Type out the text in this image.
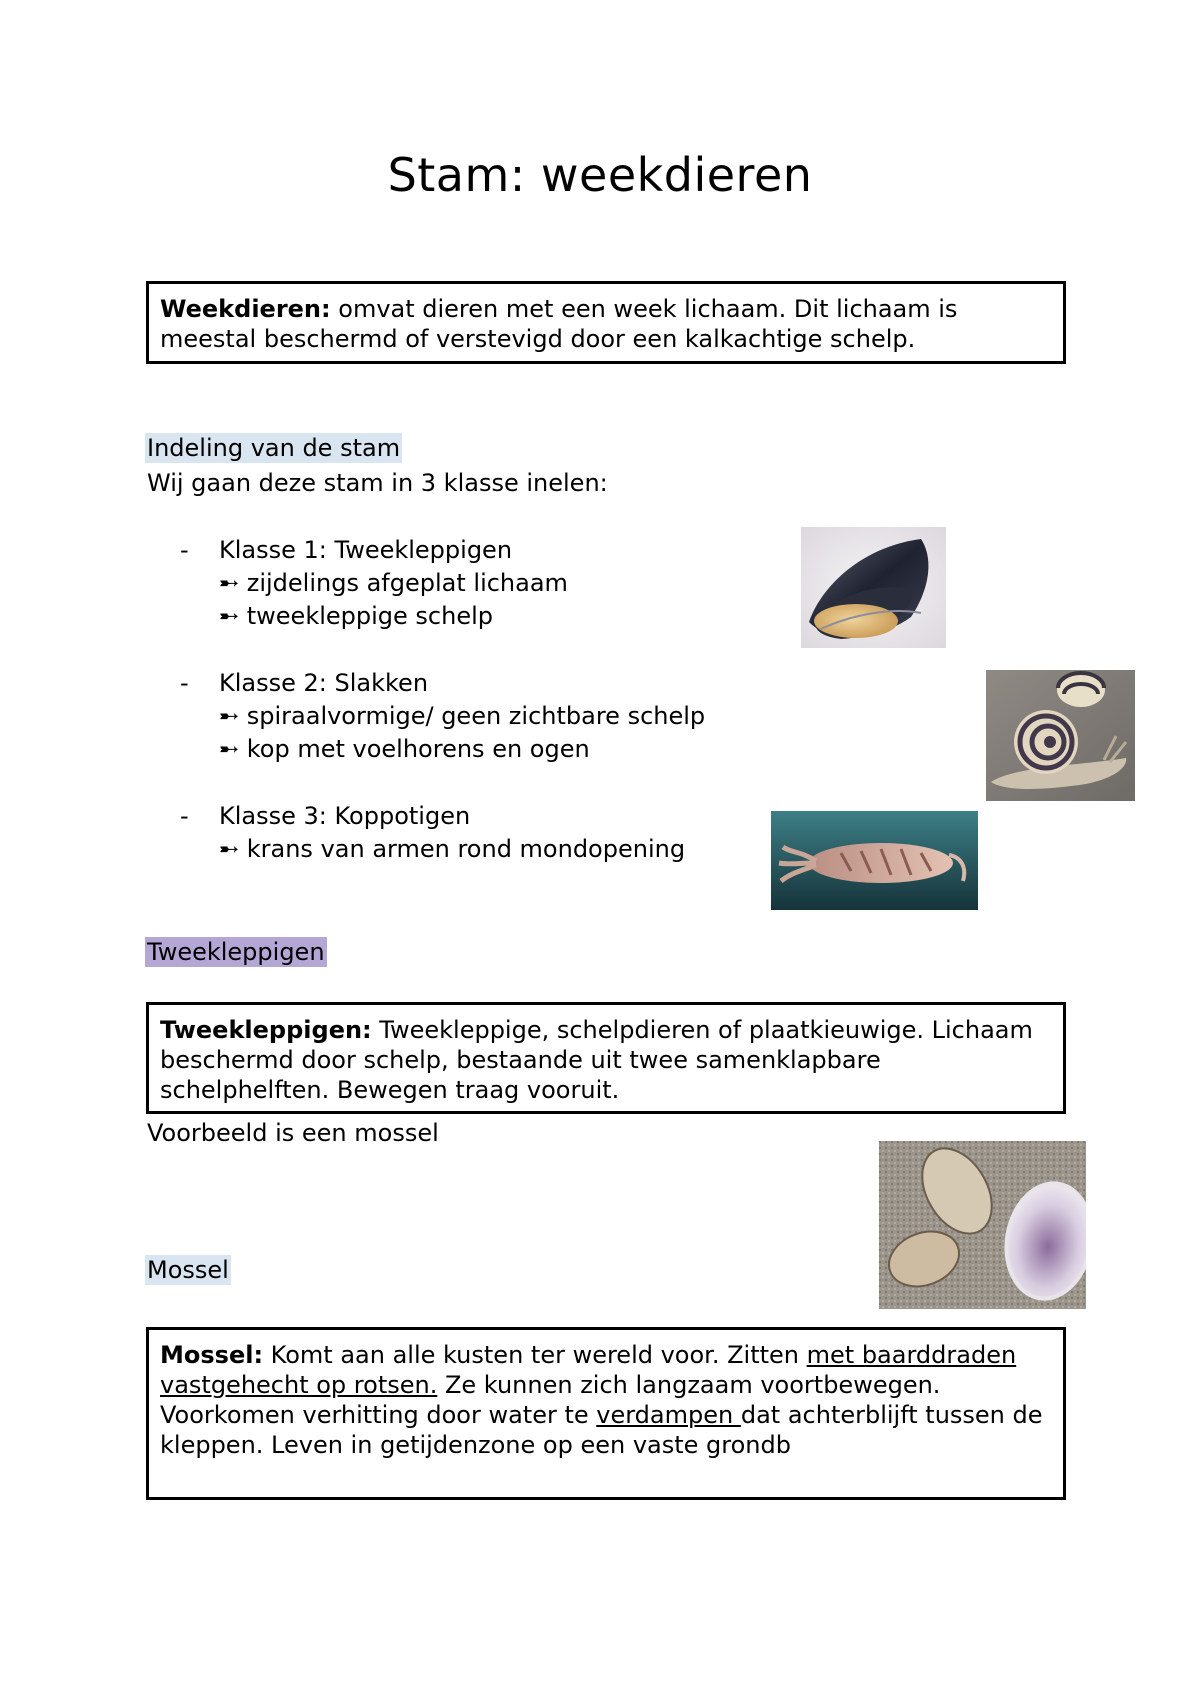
Stam: weekdieren
Weekdieren: omvat dieren met een week lichaam. Dit lichaam is meestal beschermd of verstevigd door een kalkachtige schelp.
Indeling van de stam
Wij gaan deze stam in 3 klasse inelen:
- Klasse 1: Tweekleppigen
➸ zijdelings afgeplat lichaam
➸ tweekleppige schelp
- Klasse 2: Slakken
➸ spiraalvormige/ geen zichtbare schelp
➸ kop met voelhorens en ogen
- Klasse 3: Koppotigen
➸ krans van armen rond mondopening
Tweekleppigen
Tweekleppigen: Tweekleppige, schelpdieren of plaatkieuwige. Lichaam beschermd door schelp, bestaande uit twee samenklapbare schelphelften. Bewegen traag vooruit.
Voorbeeld is een mossel
Mossel
Mossel: Komt aan alle kusten ter wereld voor. Zitten met baarddraden vastgehecht op rotsen. Ze kunnen zich langzaam voortbewegen. Voorkomen verhitting door water te verdampen dat achterblijft tussen de kleppen. Leven in getijdenzone op een vaste grondb
